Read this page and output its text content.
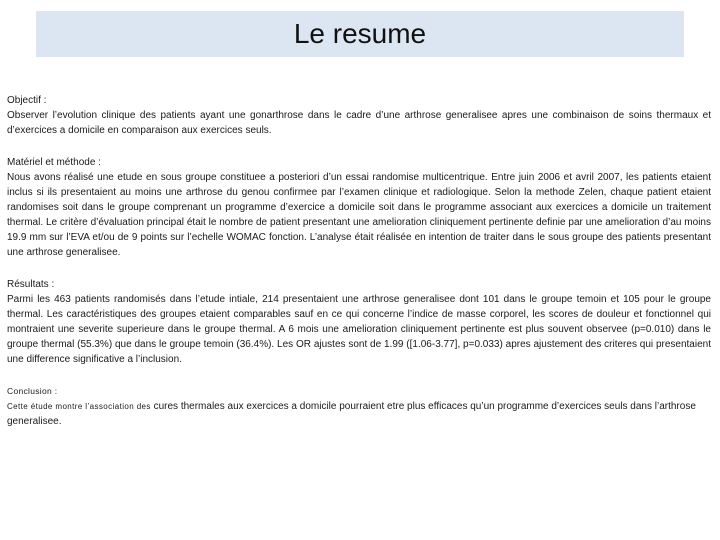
Le resume

Objectif :

Observer l’evolution clinique des patients ayant une gonarthrose dans le cadre d’une arthrose generalisee apres une combinaison de soins thermaux et d’exercices a domicile en comparaison aux exercices seuls.

Matériel et méthode :

Nous avons réalisé une etude en sous groupe constituee a posteriori d’un essai randomise multicentrique. Entre juin 2006 et avril 2007, les patients etaient inclus si ils presentaient au moins une arthrose du genou confirmee par l’examen clinique et radiologique. Selon la methode Zelen, chaque patient etaient randomises soit dans le groupe comprenant un programme d’exercice a domicile soit dans le programme associant aux exercices a domicile un traitement thermal. Le critère d’évaluation principal était le nombre de patient presentant une amelioration cliniquement pertinente definie par une amelioration d’au moins 19.9 mm sur l’EVA et/ou de 9 points sur l’echelle WOMAC fonction. L’analyse était réalisée en intention de traiter dans le sous groupe des patients presentant une arthrose generalisee.

Résultats :

Parmi les 463 patients randomisés dans l’etude intiale, 214 presentaient une arthrose generalisee dont 101 dans le groupe temoin et 105 pour le groupe thermal. Les caractéristiques des groupes etaient comparables sauf en ce qui concerne l’indice de masse corporel, les scores de douleur et fonctionnel qui montraient une severite superieure dans le groupe thermal. A 6 mois une amelioration cliniquement pertinente est plus souvent observee (p=0.010) dans le groupe thermal (55.3%) que dans le groupe temoin (36.4%). Les OR ajustes sont de 1.99 ([1.06-3.77], p=0.033) apres ajustement des criteres qui presentaient une difference significative a l’inclusion.

Conclusion :

Cette étude montre l’association des cures thermales aux exercices a domicile pourraient etre plus efficaces qu’un programme d’exercices seuls dans l’arthrose generalisee.
